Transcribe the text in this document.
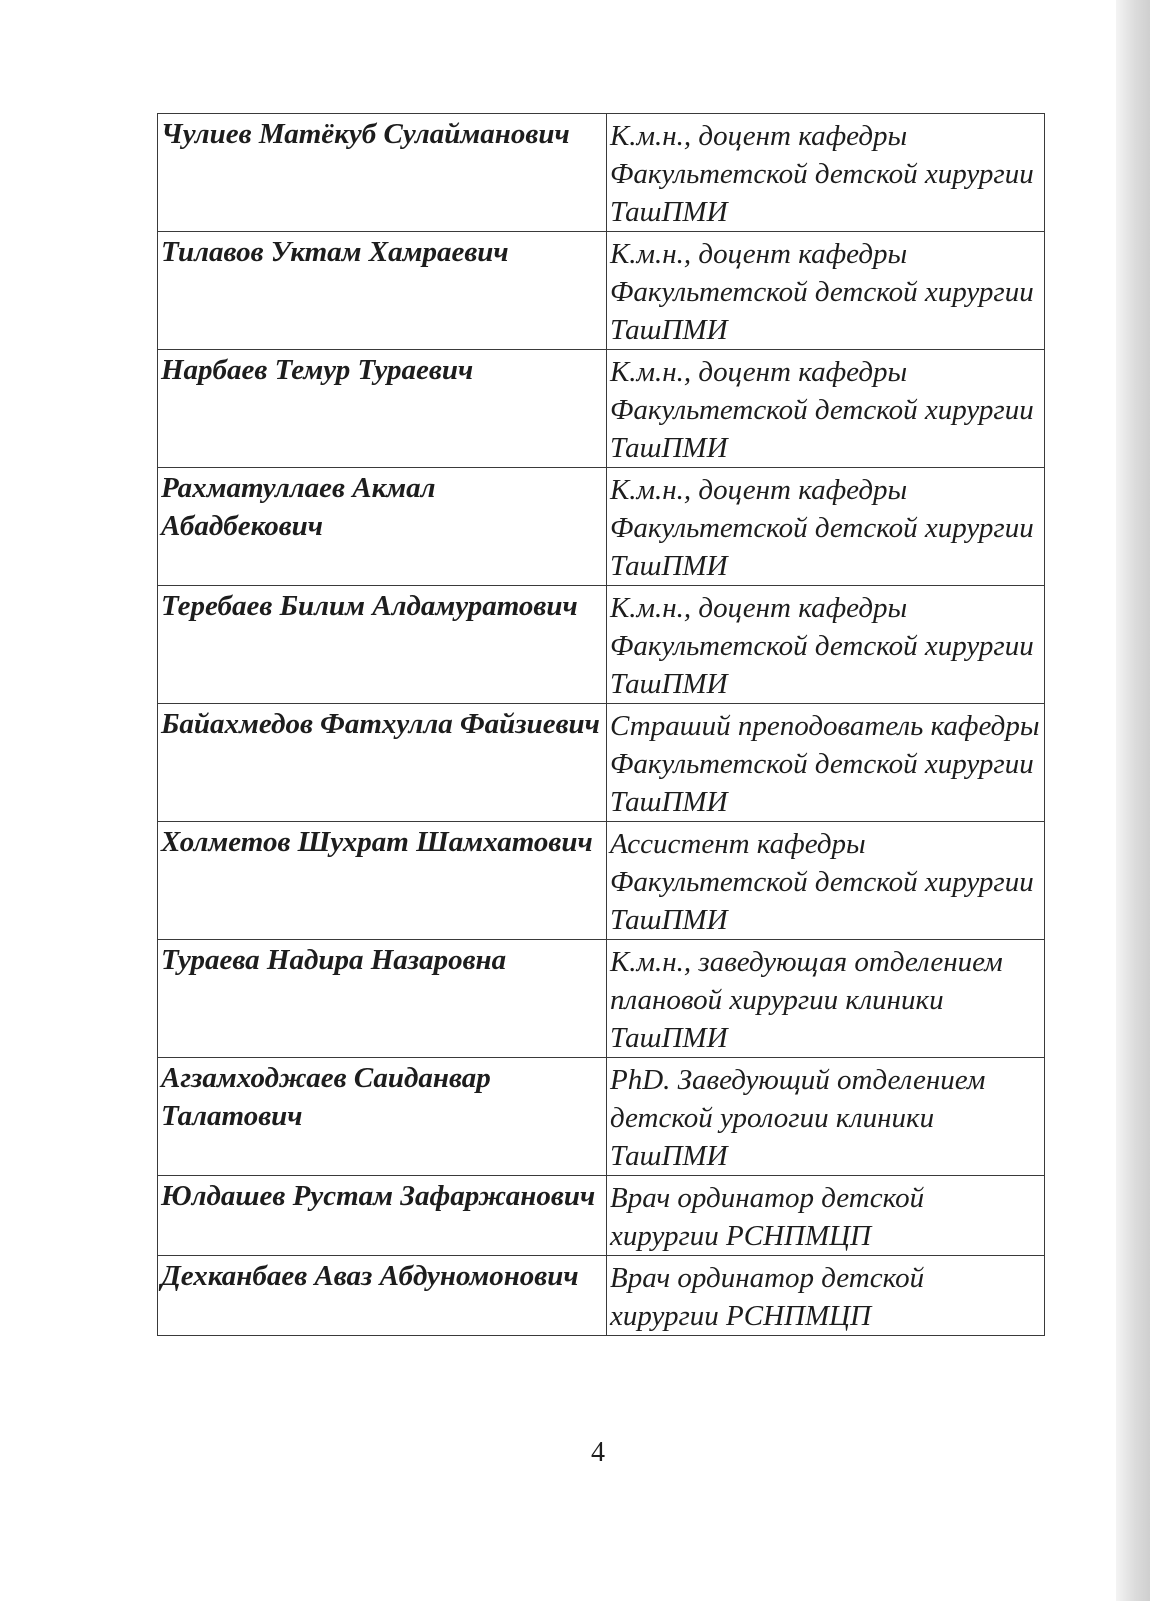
Чулиев Матёкуб Сулайманович	К.м.н., доцент кафедры Факультетской детской хирургии ТашПМИ
Тилавов Уктам Хамраевич	К.м.н., доцент кафедры Факультетской детской хирургии ТашПМИ
Нарбаев Темур Тураевич	К.м.н., доцент кафедры Факультетской детской хирургии ТашПМИ
Рахматуллаев Акмал Абадбекович	К.м.н., доцент кафедры Факультетской детской хирургии ТашПМИ
Теребаев Билим Алдамуратович	К.м.н., доцент кафедры Факультетской детской хирургии ТашПМИ
Байахмедов Фатхулла Файзиевич	Страший преподователь кафедры Факультетской детской хирургии ТашПМИ
Холметов Шухрат Шамхатович	Ассистент кафедры Факультетской детской хирургии ТашПМИ
Тураева Надира Назаровна	К.м.н., заведующая отделением плановой хирургии клиники ТашПМИ
Агзамходжаев Саиданвар Талатович	PhD. Заведующий отделением детской урологии клиники ТашПМИ
Юлдашев Рустам Зафаржанович	Врач ординатор детской хирургии РСНПМЦП
Дехканбаев Аваз Абдуномонович	Врач ординатор детской хирургии РСНПМЦП
4
